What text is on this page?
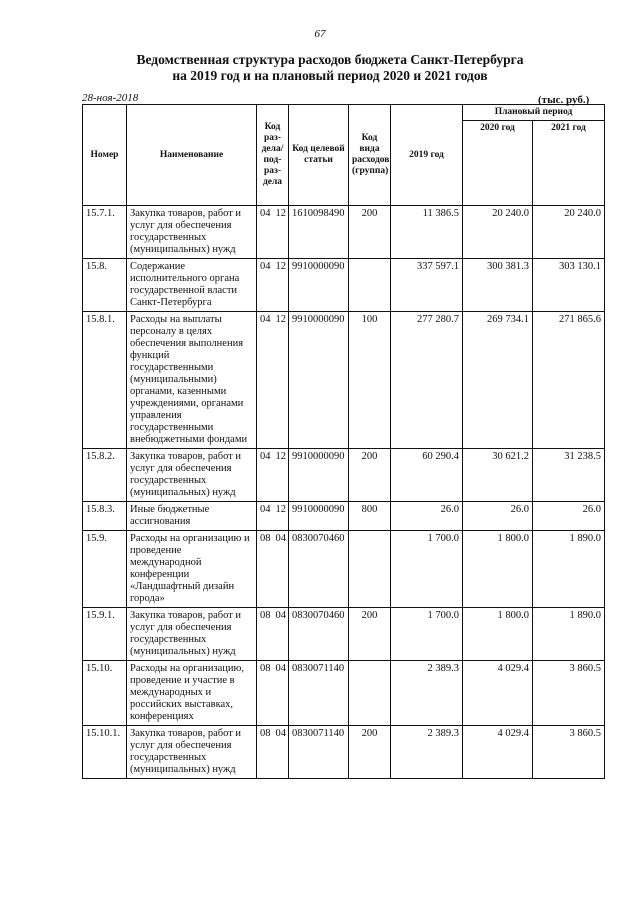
67
Ведомственная структура расходов бюджета Санкт-Петербурга
на 2019 год и на плановый период 2020 и 2021 годов
28-ноя-2018	(тыс. руб.)
Номер	Наименование	Код раз-дела/ под-раз-дела	Код целевой статьи	Код вида расходов (группа)	2019 год	Плановый период	
						2020 год	2021 год
15.7.1.	Закупка товаров, работ и услуг для обеспечения государственных (муниципальных) нужд	04 12	1610098490	200	11 386.5	20 240.0	20 240.0
15.8.	Содержание исполнительного органа государственной власти Санкт-Петербурга	04 12	9910000090		337 597.1	300 381.3	303 130.1
15.8.1.	Расходы на выплаты персоналу в целях обеспечения выполнения функций государственными (муниципальными) органами, казенными учреждениями, органами управления государственными внебюджетными фондами	04 12	9910000090	100	277 280.7	269 734.1	271 865.6
15.8.2.	Закупка товаров, работ и услуг для обеспечения государственных (муниципальных) нужд	04 12	9910000090	200	60 290.4	30 621.2	31 238.5
15.8.3.	Иные бюджетные ассигнования	04 12	9910000090	800	26.0	26.0	26.0
15.9.	Расходы на организацию и проведение международной конференции «Ландшафтный дизайн города»	08 04	0830070460		1 700.0	1 800.0	1 890.0
15.9.1.	Закупка товаров, работ и услуг для обеспечения государственных (муниципальных) нужд	08 04	0830070460	200	1 700.0	1 800.0	1 890.0
15.10.	Расходы на организацию, проведение и участие в международных и российских выставках, конференциях	08 04	0830071140		2 389.3	4 029.4	3 860.5
15.10.1.	Закупка товаров, работ и услуг для обеспечения государственных (муниципальных) нужд	08 04	0830071140	200	2 389.3	4 029.4	3 860.5
